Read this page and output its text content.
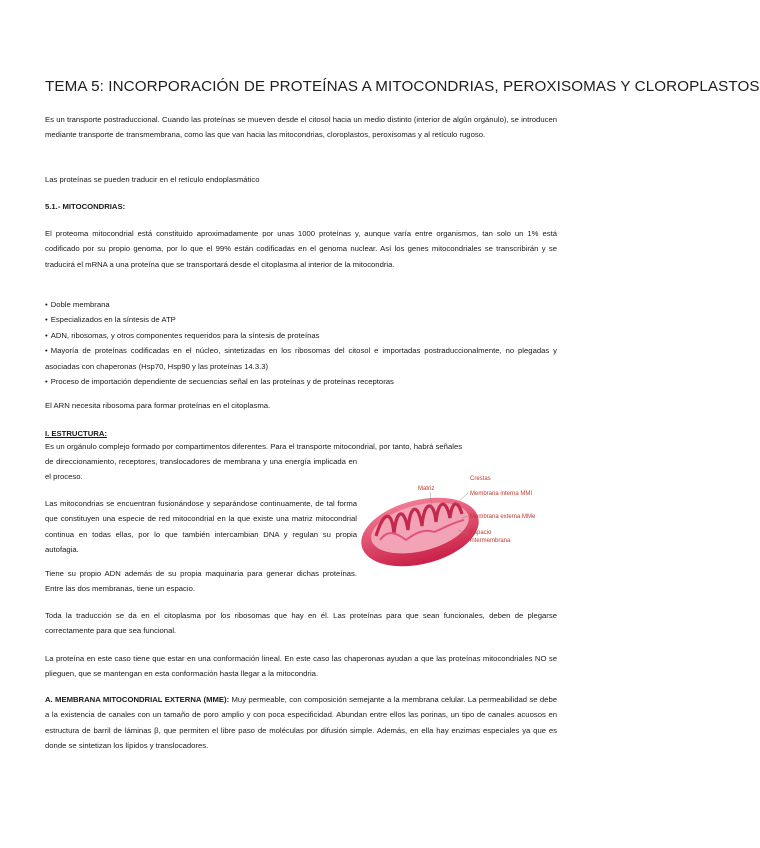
TEMA 5: INCORPORACIÓN DE PROTEÍNAS A MITOCONDRIAS, PEROXISOMAS Y CLOROPLASTOS
Es un transporte postraduccional. Cuando las proteínas se mueven desde el citosol hacia un medio distinto (interior de algún orgánulo), se introducen mediante transporte de transmembrana, como las que van hacia las mitocondrias, cloroplastos, peroxisomas y al retículo rugoso.
Las proteínas se pueden traducir en el retículo endoplasmático
5.1.- MITOCONDRIAS:
El proteoma mitocondrial está constituido aproximadamente por unas 1000 proteínas y, aunque varía entre organismos, tan solo un 1% está codificado por su propio genoma, por lo que el 99% están codificadas en el genoma nuclear. Así los genes mitocondriales se transcribirán y se traducirá el mRNA a una proteína que se transportará desde el citoplasma al interior de la mitocondria.
• Doble membrana
• Especializados en la síntesis de ATP
• ADN, ribosomas, y otros componentes requeridos para la síntesis de proteínas
• Mayoría de proteínas codificadas en el núcleo, sintetizadas en los ribosomas del citosol e importadas postraduccionalmente, no plegadas y asociadas con chaperonas (Hsp70, Hsp90 y las proteínas 14.3.3)
• Proceso de importación dependiente de secuencias señal en las proteínas y de proteínas receptoras
El ARN necesita ribosoma para formar proteínas en el citoplasma.
I. ESTRUCTURA:
Es un orgánulo complejo formado por compartimentos diferentes. Para el transporte mitocondrial, por tanto, habrá señales
de direccionamiento, receptores, translocadores de membrana y una energía implicada en el proceso.
Las mitocondrias se encuentran fusionándose y separándose continuamente, de tal forma que constituyen una especie de red mitocondrial en la que existe una matriz mitocondrial continua en todas ellas, por lo que también intercambian DNA y regulan su propia autofagia.
Tiene su propio ADN además de su propia maquinaria para generar dichas proteínas. Entre las dos membranas, tiene un espacio.
Matriz
Crestas
Membrana interna MMI
Membrana externa MMe
Espacio
intermembrana
Toda la traducción se da en el citoplasma por los ribosomas que hay en él. Las proteínas para que sean funcionales, deben de plegarse correctamente para que sea funcional.
La proteína en este caso tiene que estar en una conformación lineal. En este caso las chaperonas ayudan a que las proteínas mitocondriales NO se plieguen, que se mantengan en esta conformación hasta llegar a la mitocondria.
A. MEMBRANA MITOCONDRIAL EXTERNA (MME): Muy permeable, con composición semejante a la membrana celular. La permeabilidad se debe a la existencia de canales con un tamaño de poro amplio y con poca especificidad. Abundan entre ellos las porinas, un tipo de canales acuosos en estructura de barril de láminas β, que permiten el libre paso de moléculas por difusión simple. Además, en ella hay enzimas especiales ya que es donde se sintetizan los lípidos y translocadores.
